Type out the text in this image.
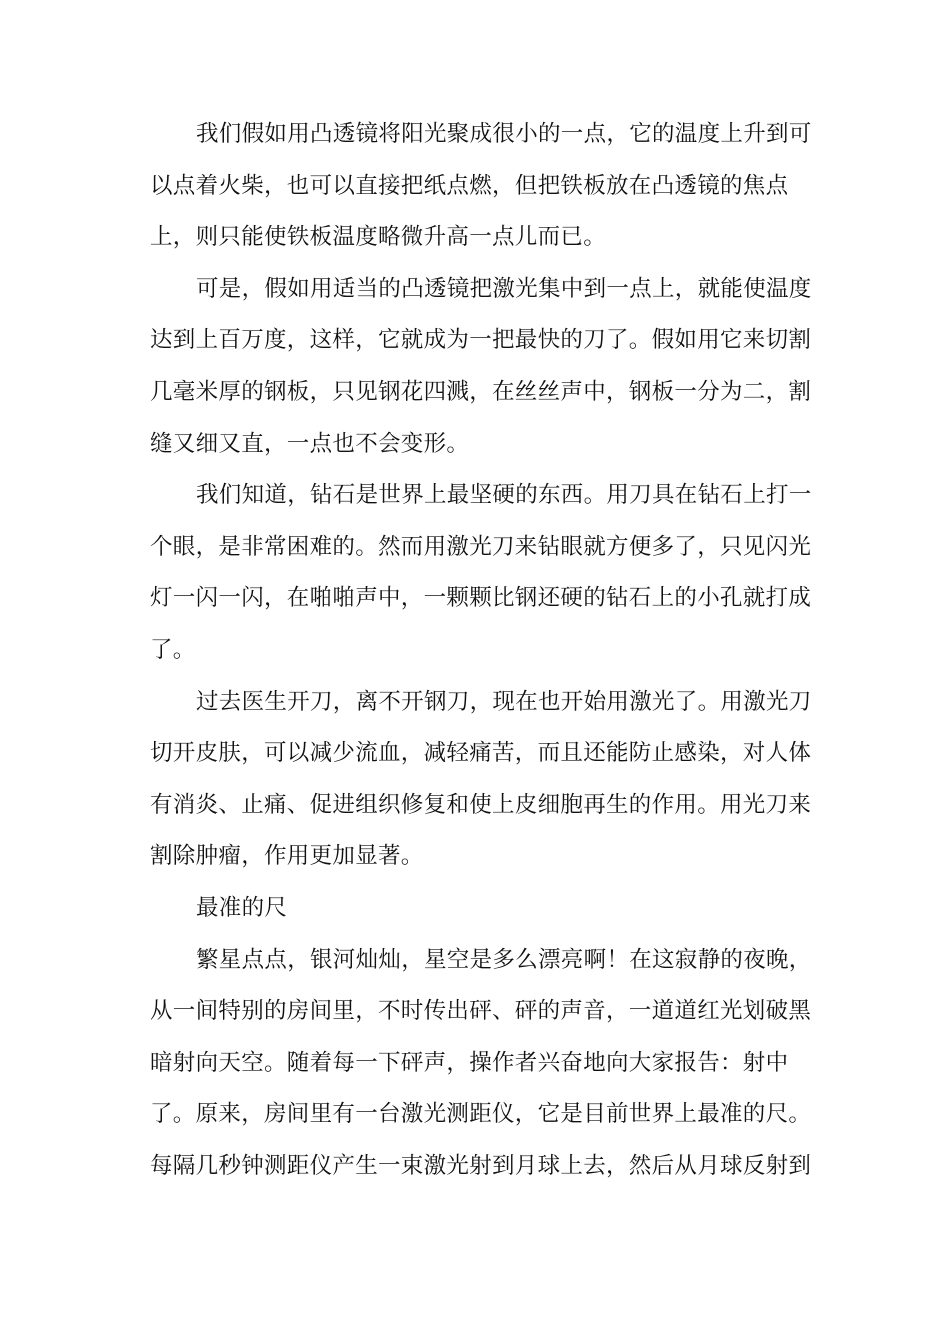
我们假如用凸透镜将阳光聚成很小的一点，它的温度上升到可
以点着火柴，也可以直接把纸点燃，但把铁板放在凸透镜的焦点
上，则只能使铁板温度略微升高一点儿而已。
可是，假如用适当的凸透镜把激光集中到一点上，就能使温度
达到上百万度，这样，它就成为一把最快的刀了。假如用它来切割
几毫米厚的钢板，只见钢花四溅，在丝丝声中，钢板一分为二，割
缝又细又直，一点也不会变形。
我们知道，钻石是世界上最坚硬的东西。用刀具在钻石上打一
个眼，是非常困难的。然而用激光刀来钻眼就方便多了，只见闪光
灯一闪一闪，在啪啪声中，一颗颗比钢还硬的钻石上的小孔就打成
了。
过去医生开刀，离不开钢刀，现在也开始用激光了。用激光刀
切开皮肤，可以减少流血，减轻痛苦，而且还能防止感染，对人体
有消炎、止痛、促进组织修复和使上皮细胞再生的作用。用光刀来
割除肿瘤，作用更加显著。
最准的尺
繁星点点，银河灿灿，星空是多么漂亮啊！在这寂静的夜晚，
从一间特别的房间里，不时传出砰、砰的声音，一道道红光划破黑
暗射向天空。随着每一下砰声，操作者兴奋地向大家报告：射中
了。原来，房间里有一台激光测距仪，它是目前世界上最准的尺。
每隔几秒钟测距仪产生一束激光射到月球上去，然后从月球反射到
